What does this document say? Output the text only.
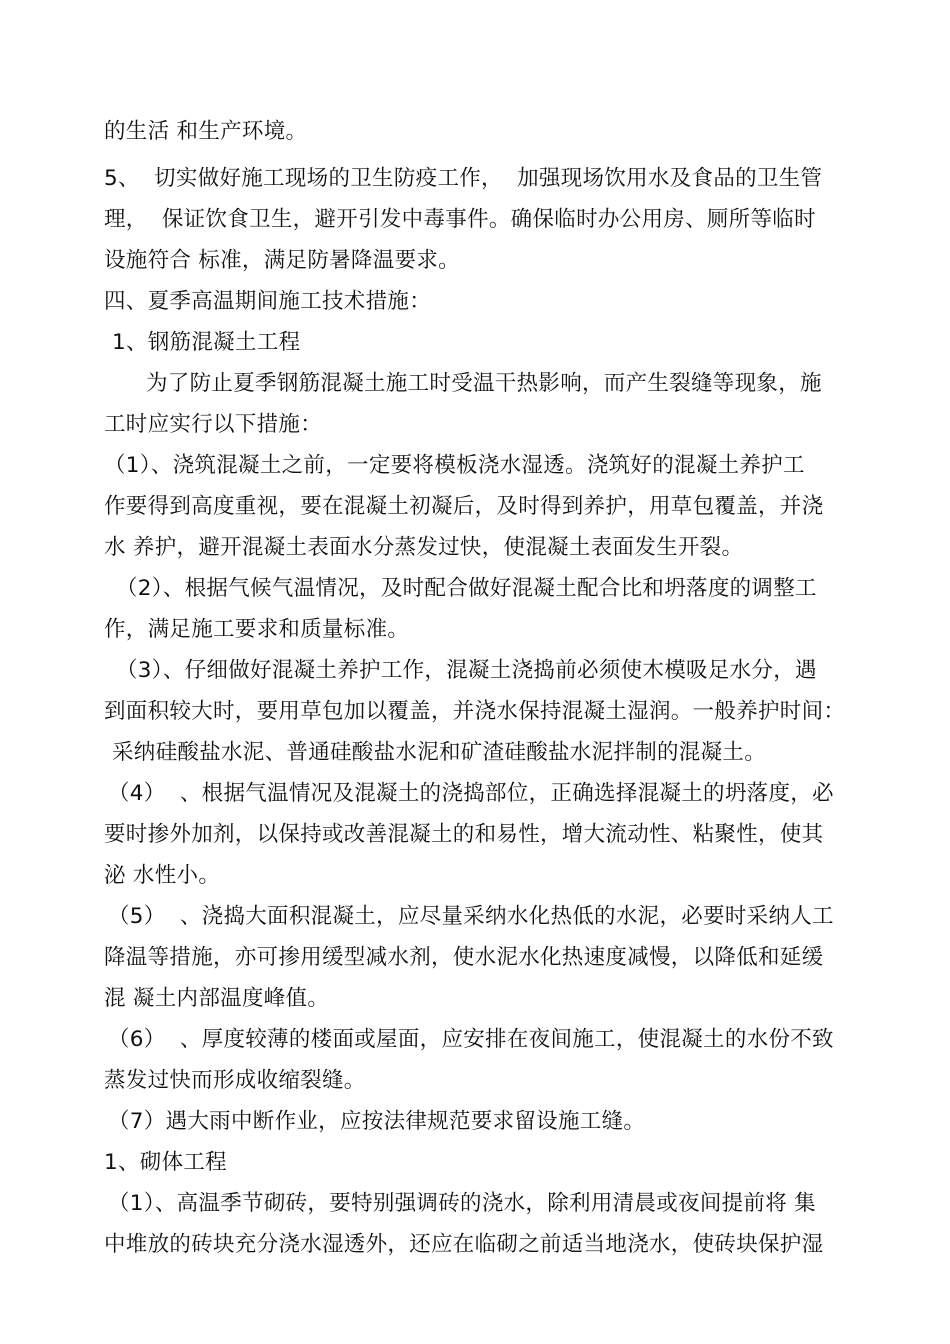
的生活 和生产环境。
5、  切实做好施工现场的卫生防疫工作，  加强现场饮用水及食品的卫生管
理，  保证饮食卫生，避开引发中毒事件。确保临时办公用房、厕所等临时
设施符合 标准，满足防暑降温要求。
四、夏季高温期间施工技术措施：
1、钢筋混凝土工程
为了防止夏季钢筋混凝土施工时受温干热影响，而产生裂缝等现象，施
工时应实行以下措施：
（1）、浇筑混凝土之前，一定要将模板浇水湿透。浇筑好的混凝土养护工
作要得到高度重视，要在混凝土初凝后，及时得到养护，用草包覆盖，并浇
水 养护，避开混凝土表面水分蒸发过快，使混凝土表面发生开裂。
（2）、根据气候气温情况，及时配合做好混凝土配合比和坍落度的调整工
作，满足施工要求和质量标准。
（3）、仔细做好混凝土养护工作，混凝土浇捣前必须使木模吸足水分，遇
到面积较大时，要用草包加以覆盖，并浇水保持混凝土湿润。一般养护时间：
采纳硅酸盐水泥、普通硅酸盐水泥和矿渣硅酸盐水泥拌制的混凝土。
（4）  、根据气温情况及混凝土的浇捣部位，正确选择混凝土的坍落度，必
要时掺外加剂，以保持或改善混凝土的和易性，增大流动性、粘聚性，使其
泌 水性小。
（5）  、浇捣大面积混凝土，应尽量采纳水化热低的水泥，必要时采纳人工
降温等措施，亦可掺用缓型减水剂，使水泥水化热速度减慢，以降低和延缓
混 凝土内部温度峰值。
（6）  、厚度较薄的楼面或屋面，应安排在夜间施工，使混凝土的水份不致
蒸发过快而形成收缩裂缝。
（7）遇大雨中断作业，应按法律规范要求留设施工缝。
1、砌体工程
（1）、高温季节砌砖，要特别强调砖的浇水，除利用清晨或夜间提前将 集
中堆放的砖块充分浇水湿透外，还应在临砌之前适当地浇水，使砖块保护湿
